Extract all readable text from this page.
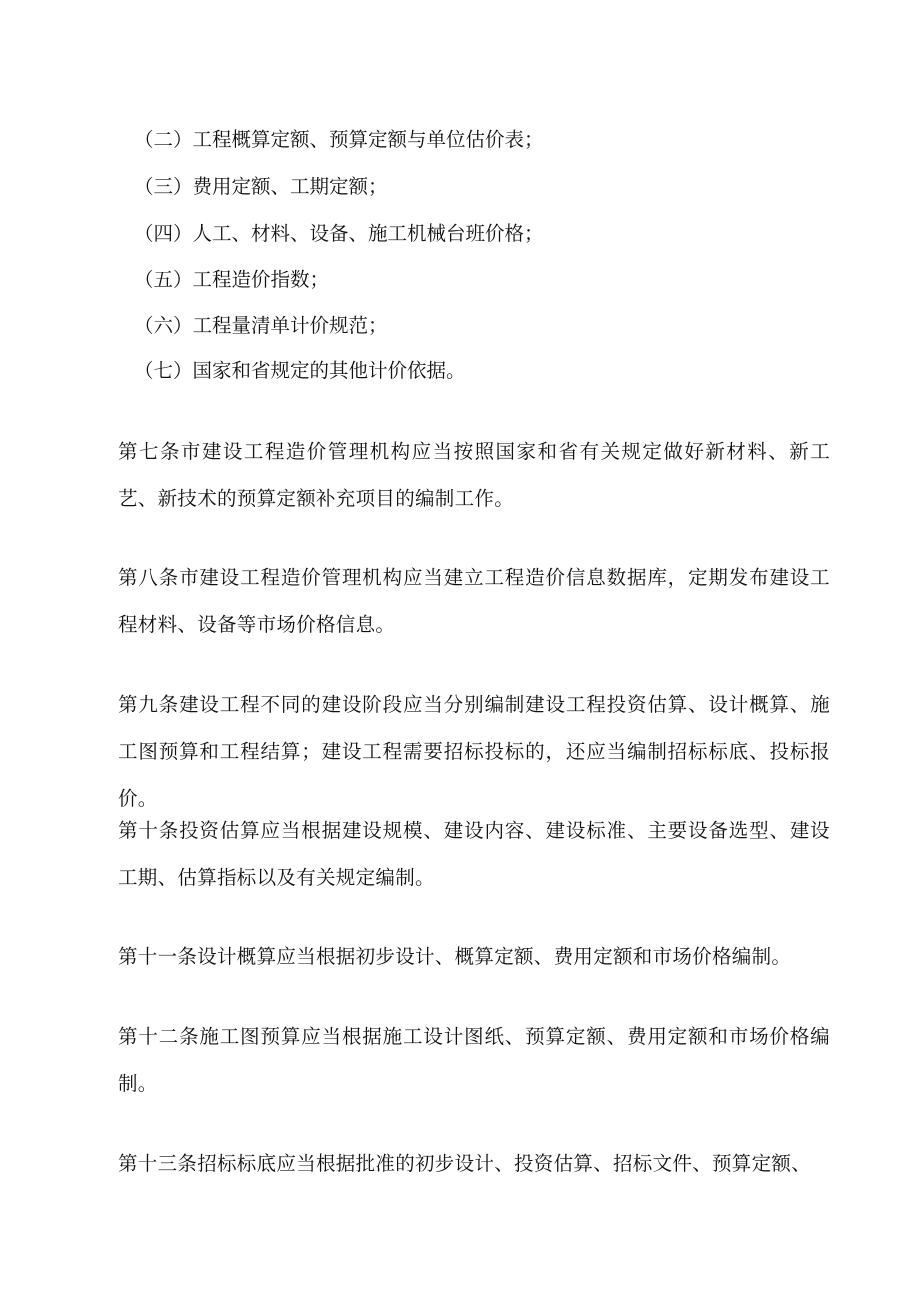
（二）工程概算定额、预算定额与单位估价表；
（三）费用定额、工期定额；
（四）人工、材料、设备、施工机械台班价格；
（五）工程造价指数；
（六）工程量清单计价规范；
（七）国家和省规定的其他计价依据。
第七条市建设工程造价管理机构应当按照国家和省有关规定做好新材料、新工艺、新技术的预算定额补充项目的编制工作。
第八条市建设工程造价管理机构应当建立工程造价信息数据库，定期发布建设工程材料、设备等市场价格信息。
第九条建设工程不同的建设阶段应当分别编制建设工程投资估算、设计概算、施工图预算和工程结算；建设工程需要招标投标的，还应当编制招标标底、投标报价。
第十条投资估算应当根据建设规模、建设内容、建设标准、主要设备选型、建设工期、估算指标以及有关规定编制。
第十一条设计概算应当根据初步设计、概算定额、费用定额和市场价格编制。
第十二条施工图预算应当根据施工设计图纸、预算定额、费用定额和市场价格编制。
第十三条招标标底应当根据批准的初步设计、投资估算、招标文件、预算定额、
